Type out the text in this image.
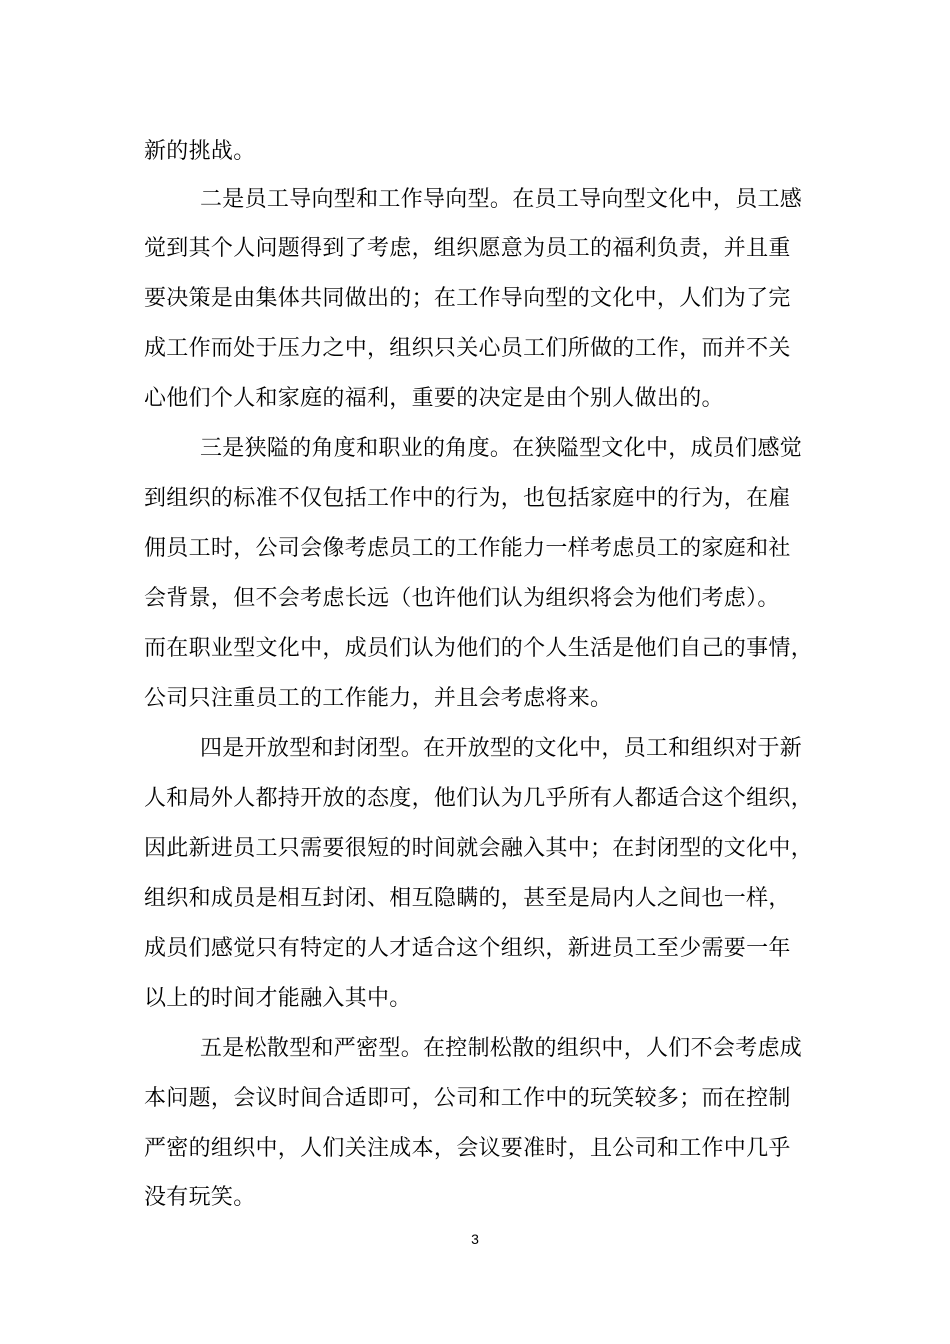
新的挑战。
二是员工导向型和工作导向型。在员工导向型文化中，员工感
觉到其个人问题得到了考虑，组织愿意为员工的福利负责，并且重
要决策是由集体共同做出的；在工作导向型的文化中，人们为了完
成工作而处于压力之中，组织只关心员工们所做的工作，而并不关
心他们个人和家庭的福利，重要的决定是由个别人做出的。
三是狭隘的角度和职业的角度。在狭隘型文化中，成员们感觉
到组织的标准不仅包括工作中的行为，也包括家庭中的行为，在雇
佣员工时，公司会像考虑员工的工作能力一样考虑员工的家庭和社
会背景，但不会考虑长远（也许他们认为组织将会为他们考虑）。
而在职业型文化中，成员们认为他们的个人生活是他们自己的事情，
公司只注重员工的工作能力，并且会考虑将来。
四是开放型和封闭型。在开放型的文化中，员工和组织对于新
人和局外人都持开放的态度，他们认为几乎所有人都适合这个组织，
因此新进员工只需要很短的时间就会融入其中；在封闭型的文化中，
组织和成员是相互封闭、相互隐瞒的，甚至是局内人之间也一样，
成员们感觉只有特定的人才适合这个组织，新进员工至少需要一年
以上的时间才能融入其中。
五是松散型和严密型。在控制松散的组织中，人们不会考虑成
本问题，会议时间合适即可，公司和工作中的玩笑较多；而在控制
严密的组织中，人们关注成本，会议要准时，且公司和工作中几乎
没有玩笑。
3
